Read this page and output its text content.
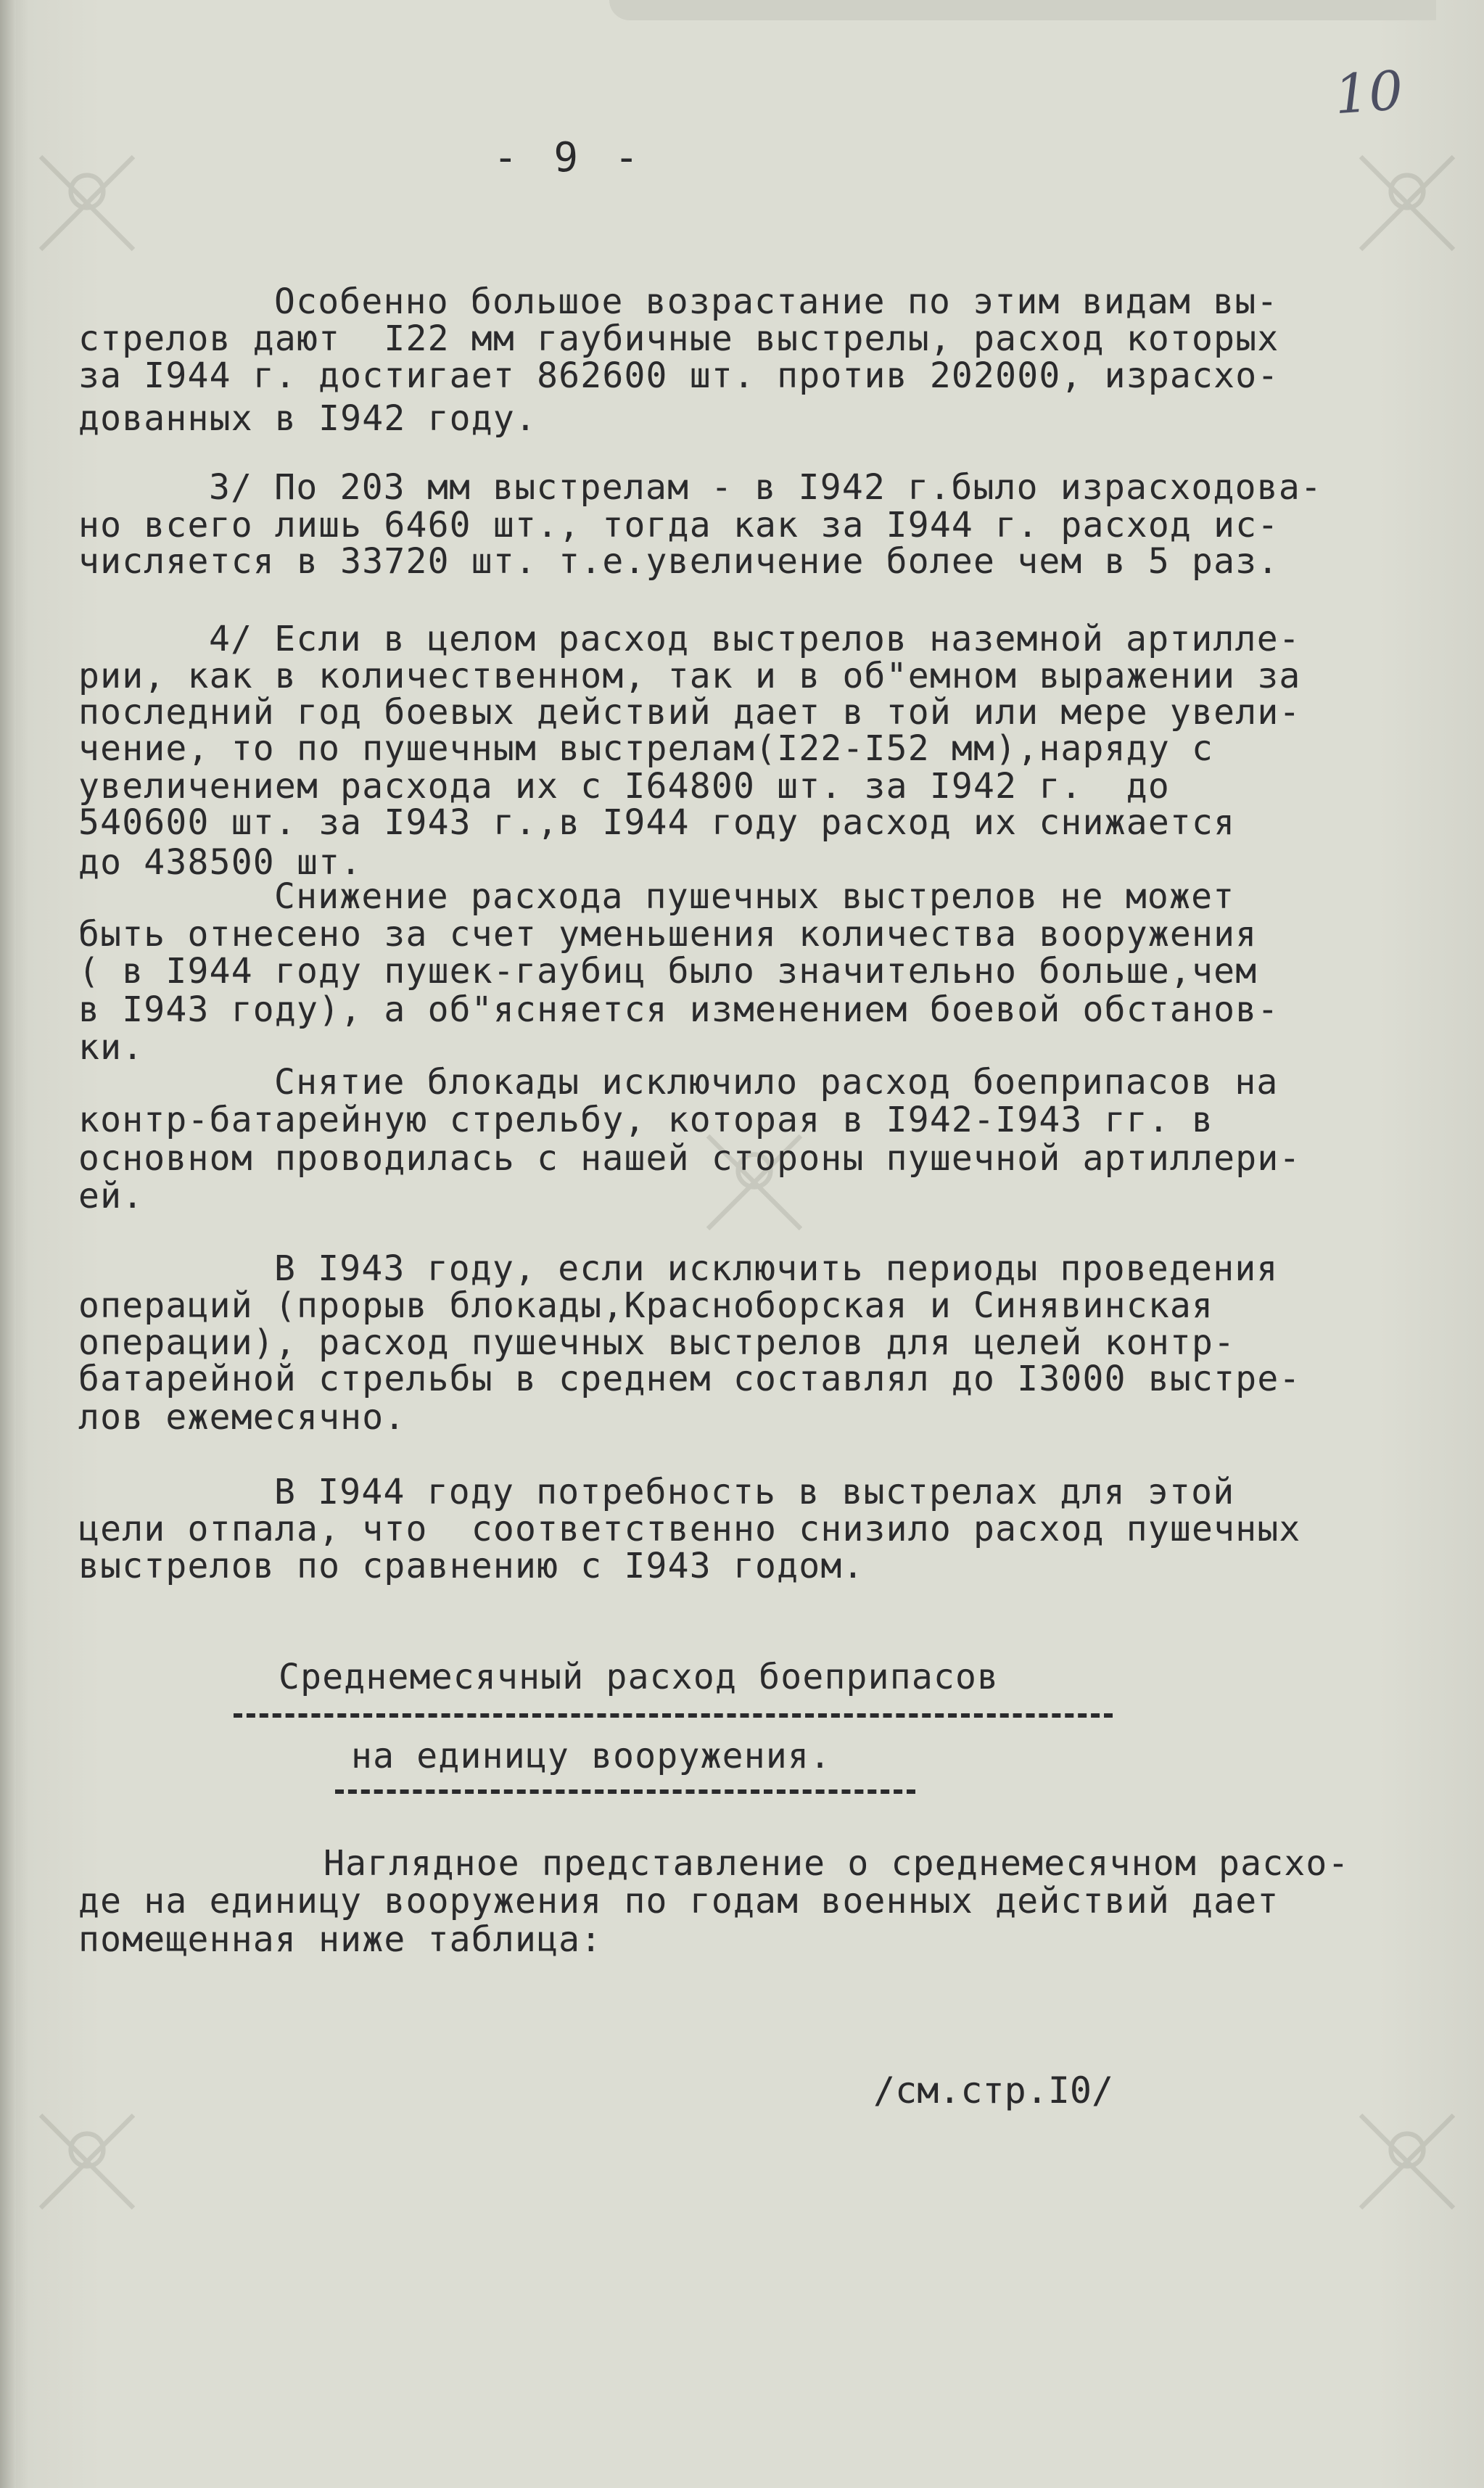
10
- 9 -
Особенно большое возрастание по этим видам вы-
стрелов дают  I22 мм гаубичные выстрелы, расход которых
за I944 г. достигает 862600 шт. против 202000, израсхо-
дованных в I942 году.
3/ По 203 мм выстрелам - в I942 г.было израсходова-
но всего лишь 6460 шт., тогда как за I944 г. расход ис-
числяется в 33720 шт. т.е.увеличение более чем в 5 раз.
4/ Если в целом расход выстрелов наземной артилле-
рии, как в количественном, так и в об"емном выражении за
последний год боевых действий дает в той или мере увели-
чение, то по пушечным выстрелам(I22-I52 мм),наряду с
увеличением расхода их с I64800 шт. за I942 г.  до
540600 шт. за I943 г.,в I944 году расход их снижается
до 438500 шт.
Снижение расхода пушечных выстрелов не может
быть отнесено за счет уменьшения количества вооружения
( в I944 году пушек-гаубиц было значительно больше,чем
в I943 году), а об"ясняется изменением боевой обстанов-
ки.
Снятие блокады исключило расход боеприпасов на
контр-батарейную стрельбу, которая в I942-I943 гг. в
основном проводилась с нашей стороны пушечной артиллери-
ей.
В I943 году, если исключить периоды проведения
операций (прорыв блокады,Красноборская и Синявинская
операции), расход пушечных выстрелов для целей контр-
батарейной стрельбы в среднем составлял до I3000 выстре-
лов ежемесячно.
В I944 году потребность в выстрелах для этой
цели отпала, что  соответственно снизило расход пушечных
выстрелов по сравнению с I943 годом.
Среднемесячный расход боеприпасов
на единицу вооружения.
Наглядное представление о среднемесячном расхо-
де на единицу вооружения по годам военных действий дает
помещенная ниже таблица:
/см.стр.I0/
